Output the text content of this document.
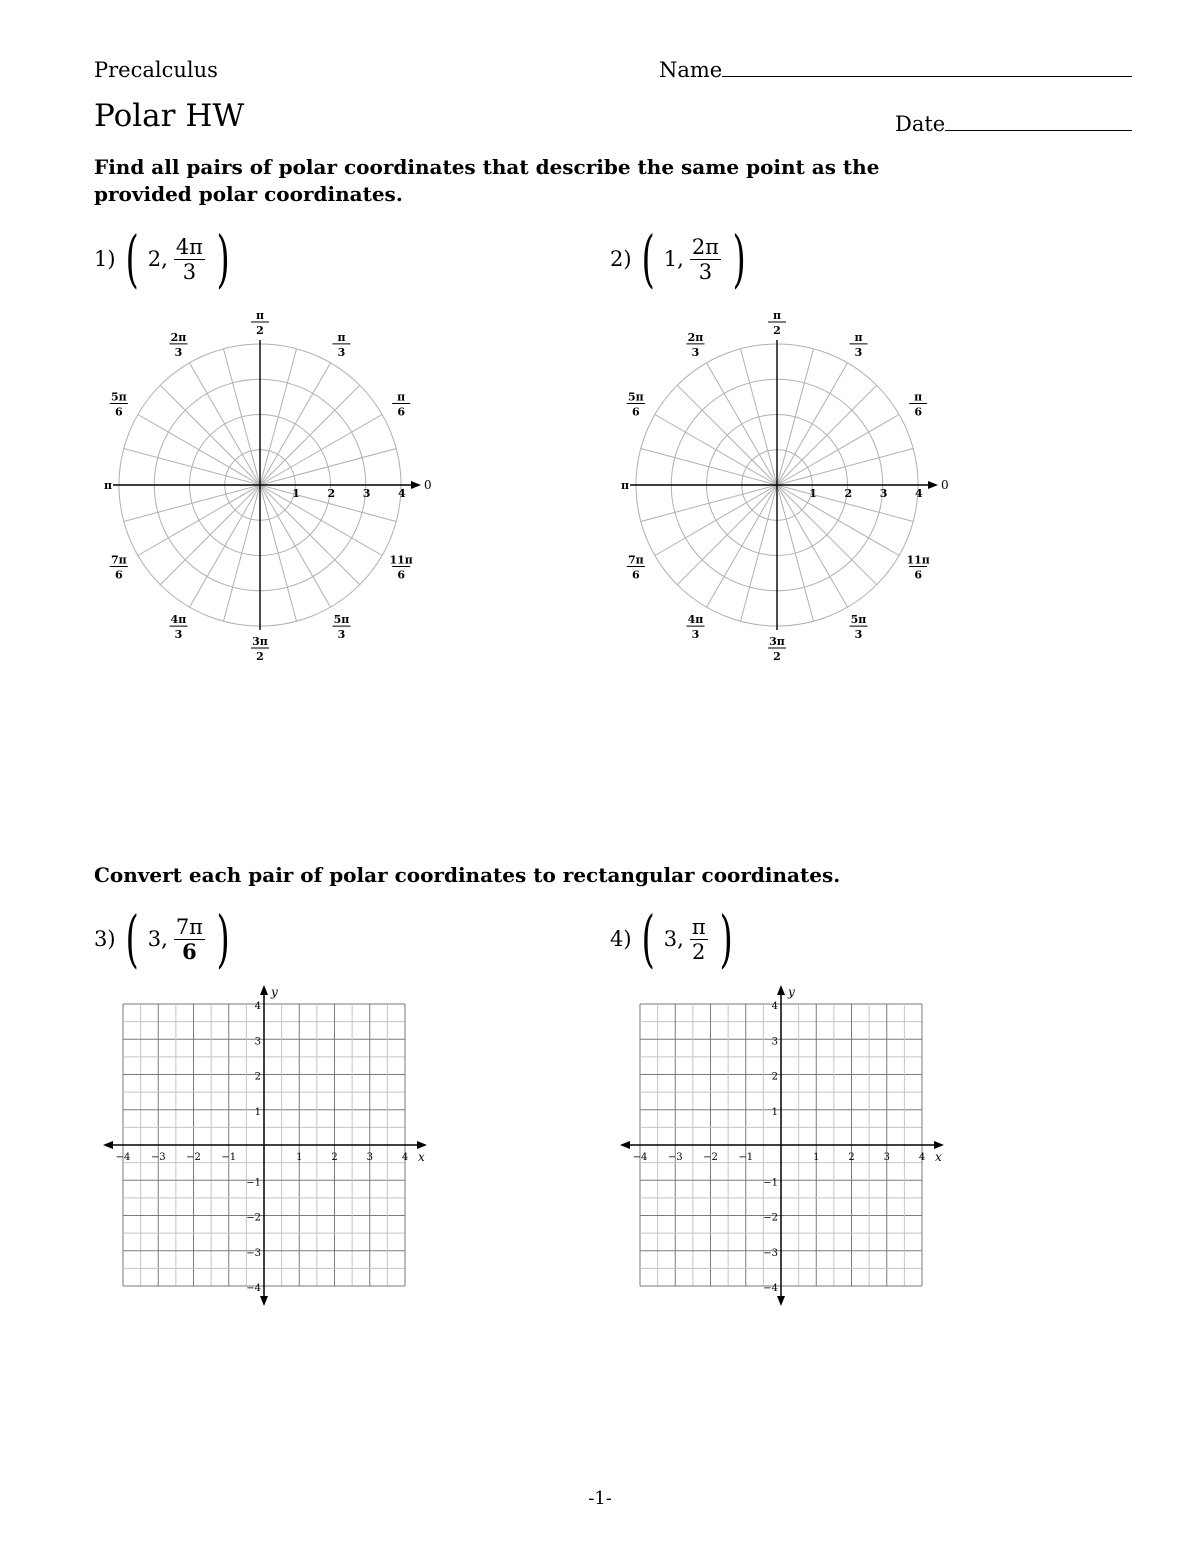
Precalculus	Name
Polar HW	Date
Find all pairs of polar coordinates that describe the same point as the provided polar coordinates.
1) ( 2, $\frac{4\pi}{3}$ )	2) ( 1, $\frac{2\pi}{3}$ )
0
π
1	2	3	4
π
2
π
3
π
6
2π
3
5π
6
7π
6
4π
3
3π
2
5π
3
11π
6
0
π
1	2	3	4
π
2
π
3
π
6
2π
3
5π
6
7π
6
4π
3
3π
2
5π
3
11π
6
Convert each pair of polar coordinates to rectangular coordinates.
3) ( 3, $\frac{7\pi}{6}$ )	4) ( 3, $\frac{\pi}{2}$ )
x
y
−4 −3 −2 −1	1	2	3	4
4
3
2
1
−1
−2
−3
−4
x
y
−4 −3 −2 −1	1	2	3	4
4
3
2
1
−1
−2
−3
−4
-1-
